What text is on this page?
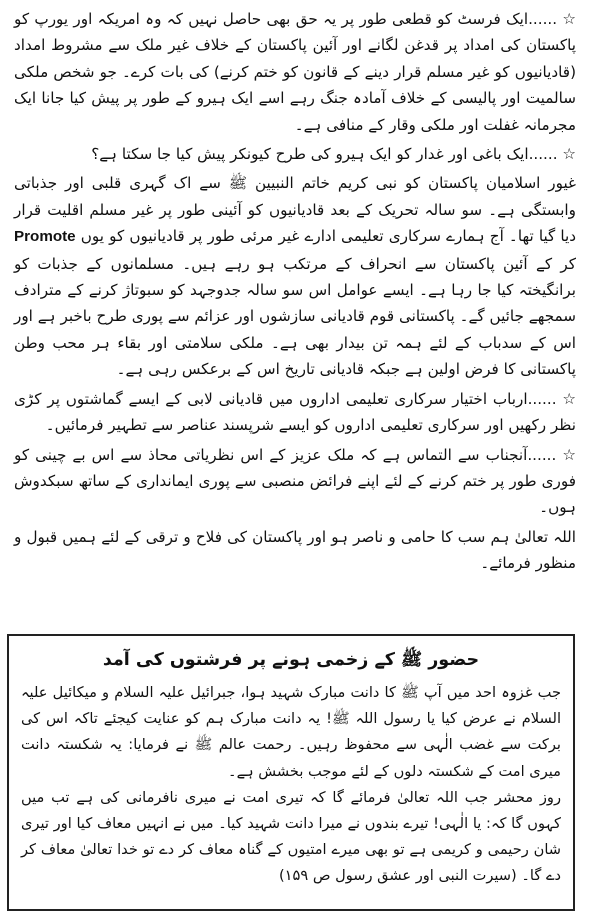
☆ ......ایک فرسٹ کو قطعی طور پر یہ حق بھی حاصل نہیں کہ وہ امریکہ اور یورپ کو پاکستان کی امداد پر قدغن لگانے اور آئین پاکستان کے خلاف غیر ملک سے مشروط امداد (قادیانیوں کو غیر مسلم قرار دینے کے قانون کو ختم کرنے) کی بات کرے۔ جو شخص ملکی سالمیت اور پالیسی کے خلاف آمادہ جنگ رہے اسے ایک ہیرو کے طور پر پیش کیا جانا ایک مجرمانہ غفلت اور ملکی وقار کے منافی ہے۔

☆ ......ایک باغی اور غدار کو ایک ہیرو کی طرح کیونکر پیش کیا جا سکتا ہے؟

غیور اسلامیان پاکستان کو نبی کریم خاتم النبیین ﷺ سے اک گہری قلبی اور جذباتی وابستگی ہے۔ سو سالہ تحریک کے بعد قادیانیوں کو آئینی طور پر غیر مسلم اقلیت قرار دیا گیا تھا۔ آج ہمارے سرکاری تعلیمی ادارے غیر مرئی طور پر قادیانیوں کو یوں Promote کر کے آئین پاکستان سے انحراف کے مرتکب ہو رہے ہیں۔ مسلمانوں کے جذبات کو برانگیختہ کیا جا رہا ہے۔ ایسے عوامل اس سو سالہ جدوجہد کو سبوتاژ کرنے کے مترادف سمجھے جائیں گے۔ پاکستانی قوم قادیانی سازشوں اور عزائم سے پوری طرح باخبر ہے اور اس کے سدباب کے لئے ہمہ تن بیدار بھی ہے۔ ملکی سلامتی اور بقاء ہر محب وطن پاکستانی کا فرض اولین ہے جبکہ قادیانی تاریخ اس کے برعکس رہی ہے۔

☆ ......ارباب اختیار سرکاری تعلیمی اداروں میں قادیانی لابی کے ایسے گماشتوں پر کڑی نظر رکھیں اور سرکاری تعلیمی اداروں کو ایسے شرپسند عناصر سے تطہیر فرمائیں۔

☆ ......آنجناب سے التماس ہے کہ ملک عزیز کے اس نظریاتی محاذ سے اس بے چینی کو فوری طور پر ختم کرنے کے لئے اپنے فرائض منصبی سے پوری ایمانداری کے ساتھ سبکدوش ہوں۔

اللہ تعالیٰ ہم سب کا حامی و ناصر ہو اور پاکستان کی فلاح و ترقی کے لئے ہمیں قبول و منظور فرمائے۔

حضور ﷺ کے زخمی ہونے پر فرشتوں کی آمد

جب غزوہ احد میں آپ ﷺ کا دانت مبارک شہید ہوا، جبرائیل علیہ السلام و میکائیل علیہ السلام نے عرض کیا یا رسول اللہ ﷺ! یہ دانت مبارک ہم کو عنایت کیجئے تاکہ اس کی برکت سے غضب الٰہی سے محفوظ رہیں۔ رحمت عالم ﷺ نے فرمایا: یہ شکستہ دانت میری امت کے شکستہ دلوں کے لئے موجب بخشش ہے۔

روز محشر جب اللہ تعالیٰ فرمائے گا کہ تیری امت نے میری نافرمانی کی ہے تب میں کہوں گا کہ: یا الٰہی! تیرے بندوں نے میرا دانت شہید کیا۔ میں نے انہیں معاف کیا اور تیری شان رحیمی و کریمی ہے تو بھی میرے امتیوں کے گناہ معاف کر دے تو خدا تعالیٰ معاف کر دے گا۔ (سیرت النبی اور عشق رسول ص ۱۵۹)
